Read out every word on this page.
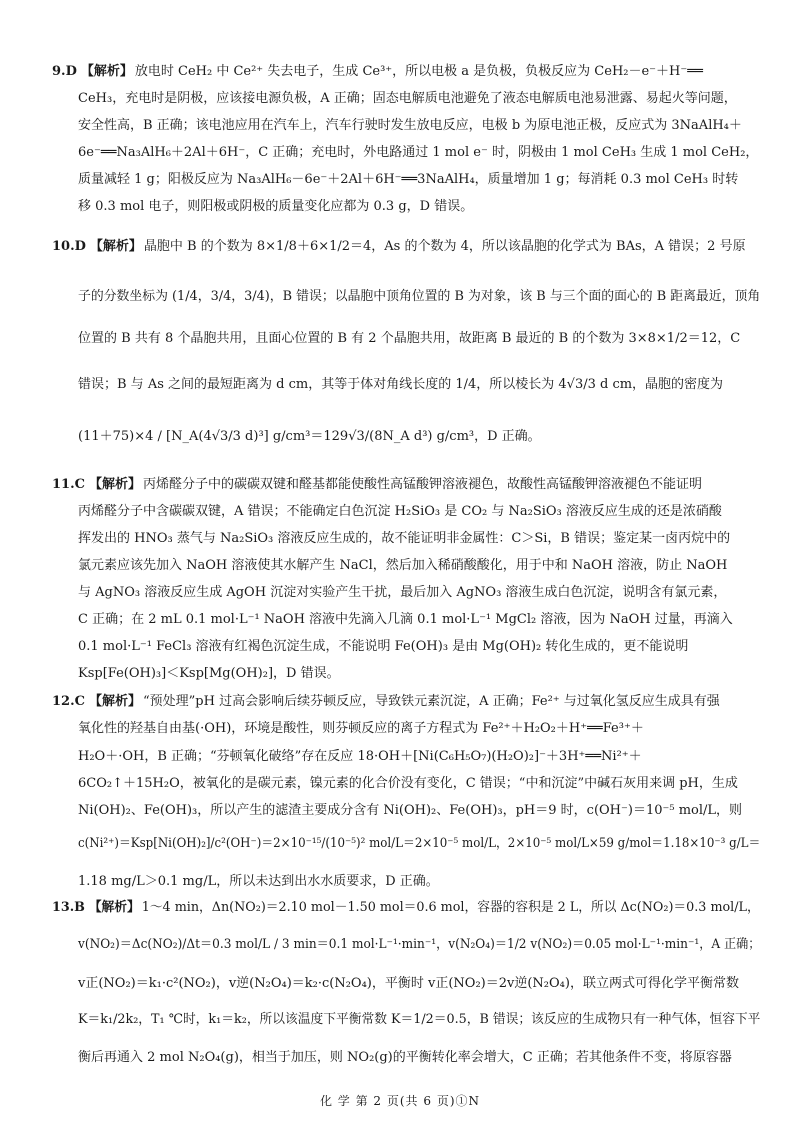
9.D 【解析】 放电时 CeH₂ 中 Ce²⁺ 失去电子，生成 Ce³⁺，所以电极 a 是负极，负极反应为 CeH₂－e⁻＋H⁻══
CeH₃，充电时是阴极，应该接电源负极，A 正确；固态电解质电池避免了液态电解质电池易泄露、易起火等问题，
安全性高，B 正确；该电池应用在汽车上，汽车行驶时发生放电反应，电极 b 为原电池正极，反应式为 3NaAlH₄＋
6e⁻══Na₃AlH₆＋2Al＋6H⁻，C 正确；充电时，外电路通过 1 mol e⁻ 时，阴极由 1 mol CeH₃ 生成 1 mol CeH₂，
质量减轻 1 g；阳极反应为 Na₃AlH₆－6e⁻＋2Al＋6H⁻══3NaAlH₄，质量增加 1 g；每消耗 0.3 mol CeH₃ 时转
移 0.3 mol 电子，则阳极或阴极的质量变化应都为 0.3 g，D 错误。
10.D 【解析】 晶胞中 B 的个数为 8×1/8＋6×1/2＝4，As 的个数为 4，所以该晶胞的化学式为 BAs，A 错误；2 号原
子的分数坐标为 (1/4，3/4，3/4)，B 错误；以晶胞中顶角位置的 B 为对象，该 B 与三个面的面心的 B 距离最近，顶角
位置的 B 共有 8 个晶胞共用，且面心位置的 B 有 2 个晶胞共用，故距离 B 最近的 B 的个数为 3×8×1/2＝12，C
错误；B 与 As 之间的最短距离为 d cm，其等于体对角线长度的 1/4，所以棱长为 4√3/3 d cm，晶胞的密度为
(11＋75)×4 / [N_A(4√3/3 d)³] g/cm³＝129√3/(8N_A d³) g/cm³，D 正确。
11.C 【解析】 丙烯醛分子中的碳碳双键和醛基都能使酸性高锰酸钾溶液褪色，故酸性高锰酸钾溶液褪色不能证明
丙烯醛分子中含碳碳双键，A 错误；不能确定白色沉淀 H₂SiO₃ 是 CO₂ 与 Na₂SiO₃ 溶液反应生成的还是浓硝酸
挥发出的 HNO₃ 蒸气与 Na₂SiO₃ 溶液反应生成的，故不能证明非金属性：C＞Si，B 错误；鉴定某一卤丙烷中的
氯元素应该先加入 NaOH 溶液使其水解产生 NaCl，然后加入稀硝酸酸化，用于中和 NaOH 溶液，防止 NaOH
与 AgNO₃ 溶液反应生成 AgOH 沉淀对实验产生干扰，最后加入 AgNO₃ 溶液生成白色沉淀，说明含有氯元素，
C 正确；在 2 mL 0.1 mol·L⁻¹ NaOH 溶液中先滴入几滴 0.1 mol·L⁻¹ MgCl₂ 溶液，因为 NaOH 过量，再滴入
0.1 mol·L⁻¹ FeCl₃ 溶液有红褐色沉淀生成，不能说明 Fe(OH)₃ 是由 Mg(OH)₂ 转化生成的，更不能说明
Ksp[Fe(OH)₃]＜Ksp[Mg(OH)₂]，D 错误。
12.C 【解析】 “预处理”pH 过高会影响后续芬顿反应，导致铁元素沉淀，A 正确；Fe²⁺ 与过氧化氢反应生成具有强
氧化性的羟基自由基(·OH)，环境是酸性，则芬顿反应的离子方程式为 Fe²⁺＋H₂O₂＋H⁺══Fe³⁺＋
H₂O＋·OH，B 正确；“芬顿氧化破络”存在反应 18·OH＋[Ni(C₆H₅O₇)(H₂O)₂]⁻＋3H⁺══Ni²⁺＋
6CO₂↑＋15H₂O，被氧化的是碳元素，镍元素的化合价没有变化，C 错误；“中和沉淀”中碱石灰用来调 pH，生成
Ni(OH)₂、Fe(OH)₃，所以产生的滤渣主要成分含有 Ni(OH)₂、Fe(OH)₃，pH＝9 时，c(OH⁻)＝10⁻⁵ mol/L，则
c(Ni²⁺)＝Ksp[Ni(OH)₂]/c²(OH⁻)＝2×10⁻¹⁵/(10⁻⁵)² mol/L＝2×10⁻⁵ mol/L，2×10⁻⁵ mol/L×59 g/mol＝1.18×10⁻³ g/L＝
1.18 mg/L＞0.1 mg/L，所以未达到出水水质要求，D 正确。
13.B 【解析】 1～4 min，Δn(NO₂)＝2.10 mol－1.50 mol＝0.6 mol，容器的容积是 2 L，所以 Δc(NO₂)＝0.3 mol/L，
v(NO₂)＝Δc(NO₂)/Δt＝0.3 mol/L / 3 min＝0.1 mol·L⁻¹·min⁻¹，v(N₂O₄)＝1/2 v(NO₂)＝0.05 mol·L⁻¹·min⁻¹，A 正确；
v正(NO₂)＝k₁·c²(NO₂)，v逆(N₂O₄)＝k₂·c(N₂O₄)，平衡时 v正(NO₂)＝2v逆(N₂O₄)，联立两式可得化学平衡常数
K＝k₁/2k₂，T₁ ℃时，k₁＝k₂，所以该温度下平衡常数 K＝1/2＝0.5，B 错误；该反应的生成物只有一种气体，恒容下平
衡后再通入 2 mol N₂O₄(g)，相当于加压，则 NO₂(g)的平衡转化率会增大，C 正确；若其他条件不变，将原容器
化 学 第 2 页(共 6 页)①N
